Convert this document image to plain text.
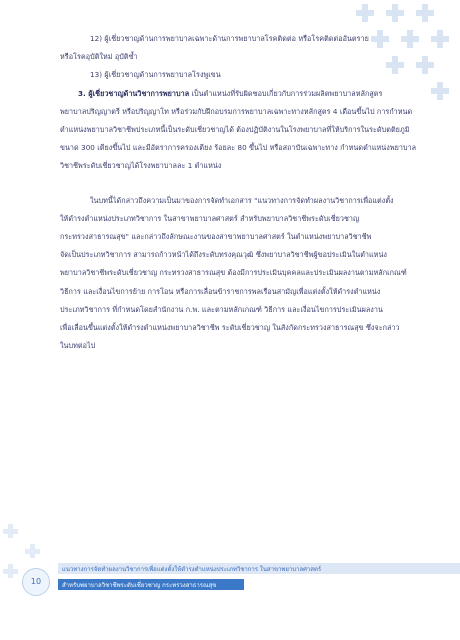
12) ผู้เชี่ยวชาญด้านการพยาบาลเฉพาะด้านการพยาบาลโรคติดต่อ หรือโรคติดต่ออันตราย
หรือโรคอุบัติใหม่ อุบัติซ้ำ
13) ผู้เชี่ยวชาญด้านการพยาบาลโรงพูเขน
3. ผู้เชี่ยวชาญด้านวิชาการพยาบาล เป็นตำแหน่งที่รับผิดชอบเกี่ยวกับการร่วมผลิตพยาบาลหลักสูตร
พยาบาลปริญญาตรี หรือปริญญาโท หรือร่วมกับฝึกอบรมการพยาบาลเฉพาะทางหลักสูตร 4 เดือนขึ้นไป การกำหนด
ตำแหน่งพยาบาลวิชาชีพประเภทนี้เป็นระดับเชี่ยวชาญได้ ต้องปฏิบัติงานในโรงพยาบาลที่ให้บริการในระดับตติยภูมิ
ขนาด 300 เตียงขึ้นไป และมีอัตราการครองเตียง ร้อยละ 80 ขึ้นไป หรือสถาบันเฉพาะทาง กำหนดตำแหน่งพยาบาล
วิชาชีพระดับเชี่ยวชาญได้โรงพยาบาลละ 1 ตำแหน่ง
ในบทนี้ได้กล่าวถึงความเป็นมาของการจัดทำเอกสาร "แนวทางการจัดทำผลงานวิชาการเพื่อแต่งตั้ง
ให้ดำรงตำแหน่งประเภทวิชาการ ในสาขาพยาบาลศาสตร์ สำหรับพยาบาลวิชาชีพระดับเชี่ยวชาญ
กระทรวงสาธารณสุข" และกล่าวถึงลักษณะงานของสาขาพยาบาลศาสตร์ ในตำแหน่งพยาบาลวิชาชีพ
จัดเป็นประเภทวิชาการ สามารถก้าวหน้าได้ถึงระดับทรงคุณวุฒิ ซึ่งพยาบาลวิชาชีพผู้ขอประเมินในตำแหน่ง
พยาบาลวิชาชีพระดับเชี่ยวชาญ กระทรวงสาธารณสุข ต้องมีการประเมินบุคคลและประเมินผลงานตามหลักเกณฑ์
วิธีการ และเงื่อนไขการย้าย การโอน หรือการเลื่อนข้าราชการพลเรือนสามัญเพื่อแต่งตั้งให้ดำรงตำแหน่ง
ประเภทวิชาการ ที่กำหนดโดยสำนักงาน ก.พ. และตามหลักเกณฑ์ วิธีการ และเงื่อนไขการประเมินผลงาน
เพื่อเลื่อนขึ้นแต่งตั้งให้ดำรงตำแหน่งพยาบาลวิชาชีพ ระดับเชี่ยวชาญ ในสังกัดกระทรวงสาธารณสุข ซึ่งจะกล่าว
ในบทต่อไป
10
แนวทางการจัดทำผลงานวิชาการเพื่อแต่งตั้งให้ดำรงตำแหน่งประเภทวิชาการ ในสาขาพยาบาลศาสตร์
สำหรับพยาบาลวิชาชีพระดับเชี่ยวชาญ กระทรวงสาธารณสุข
